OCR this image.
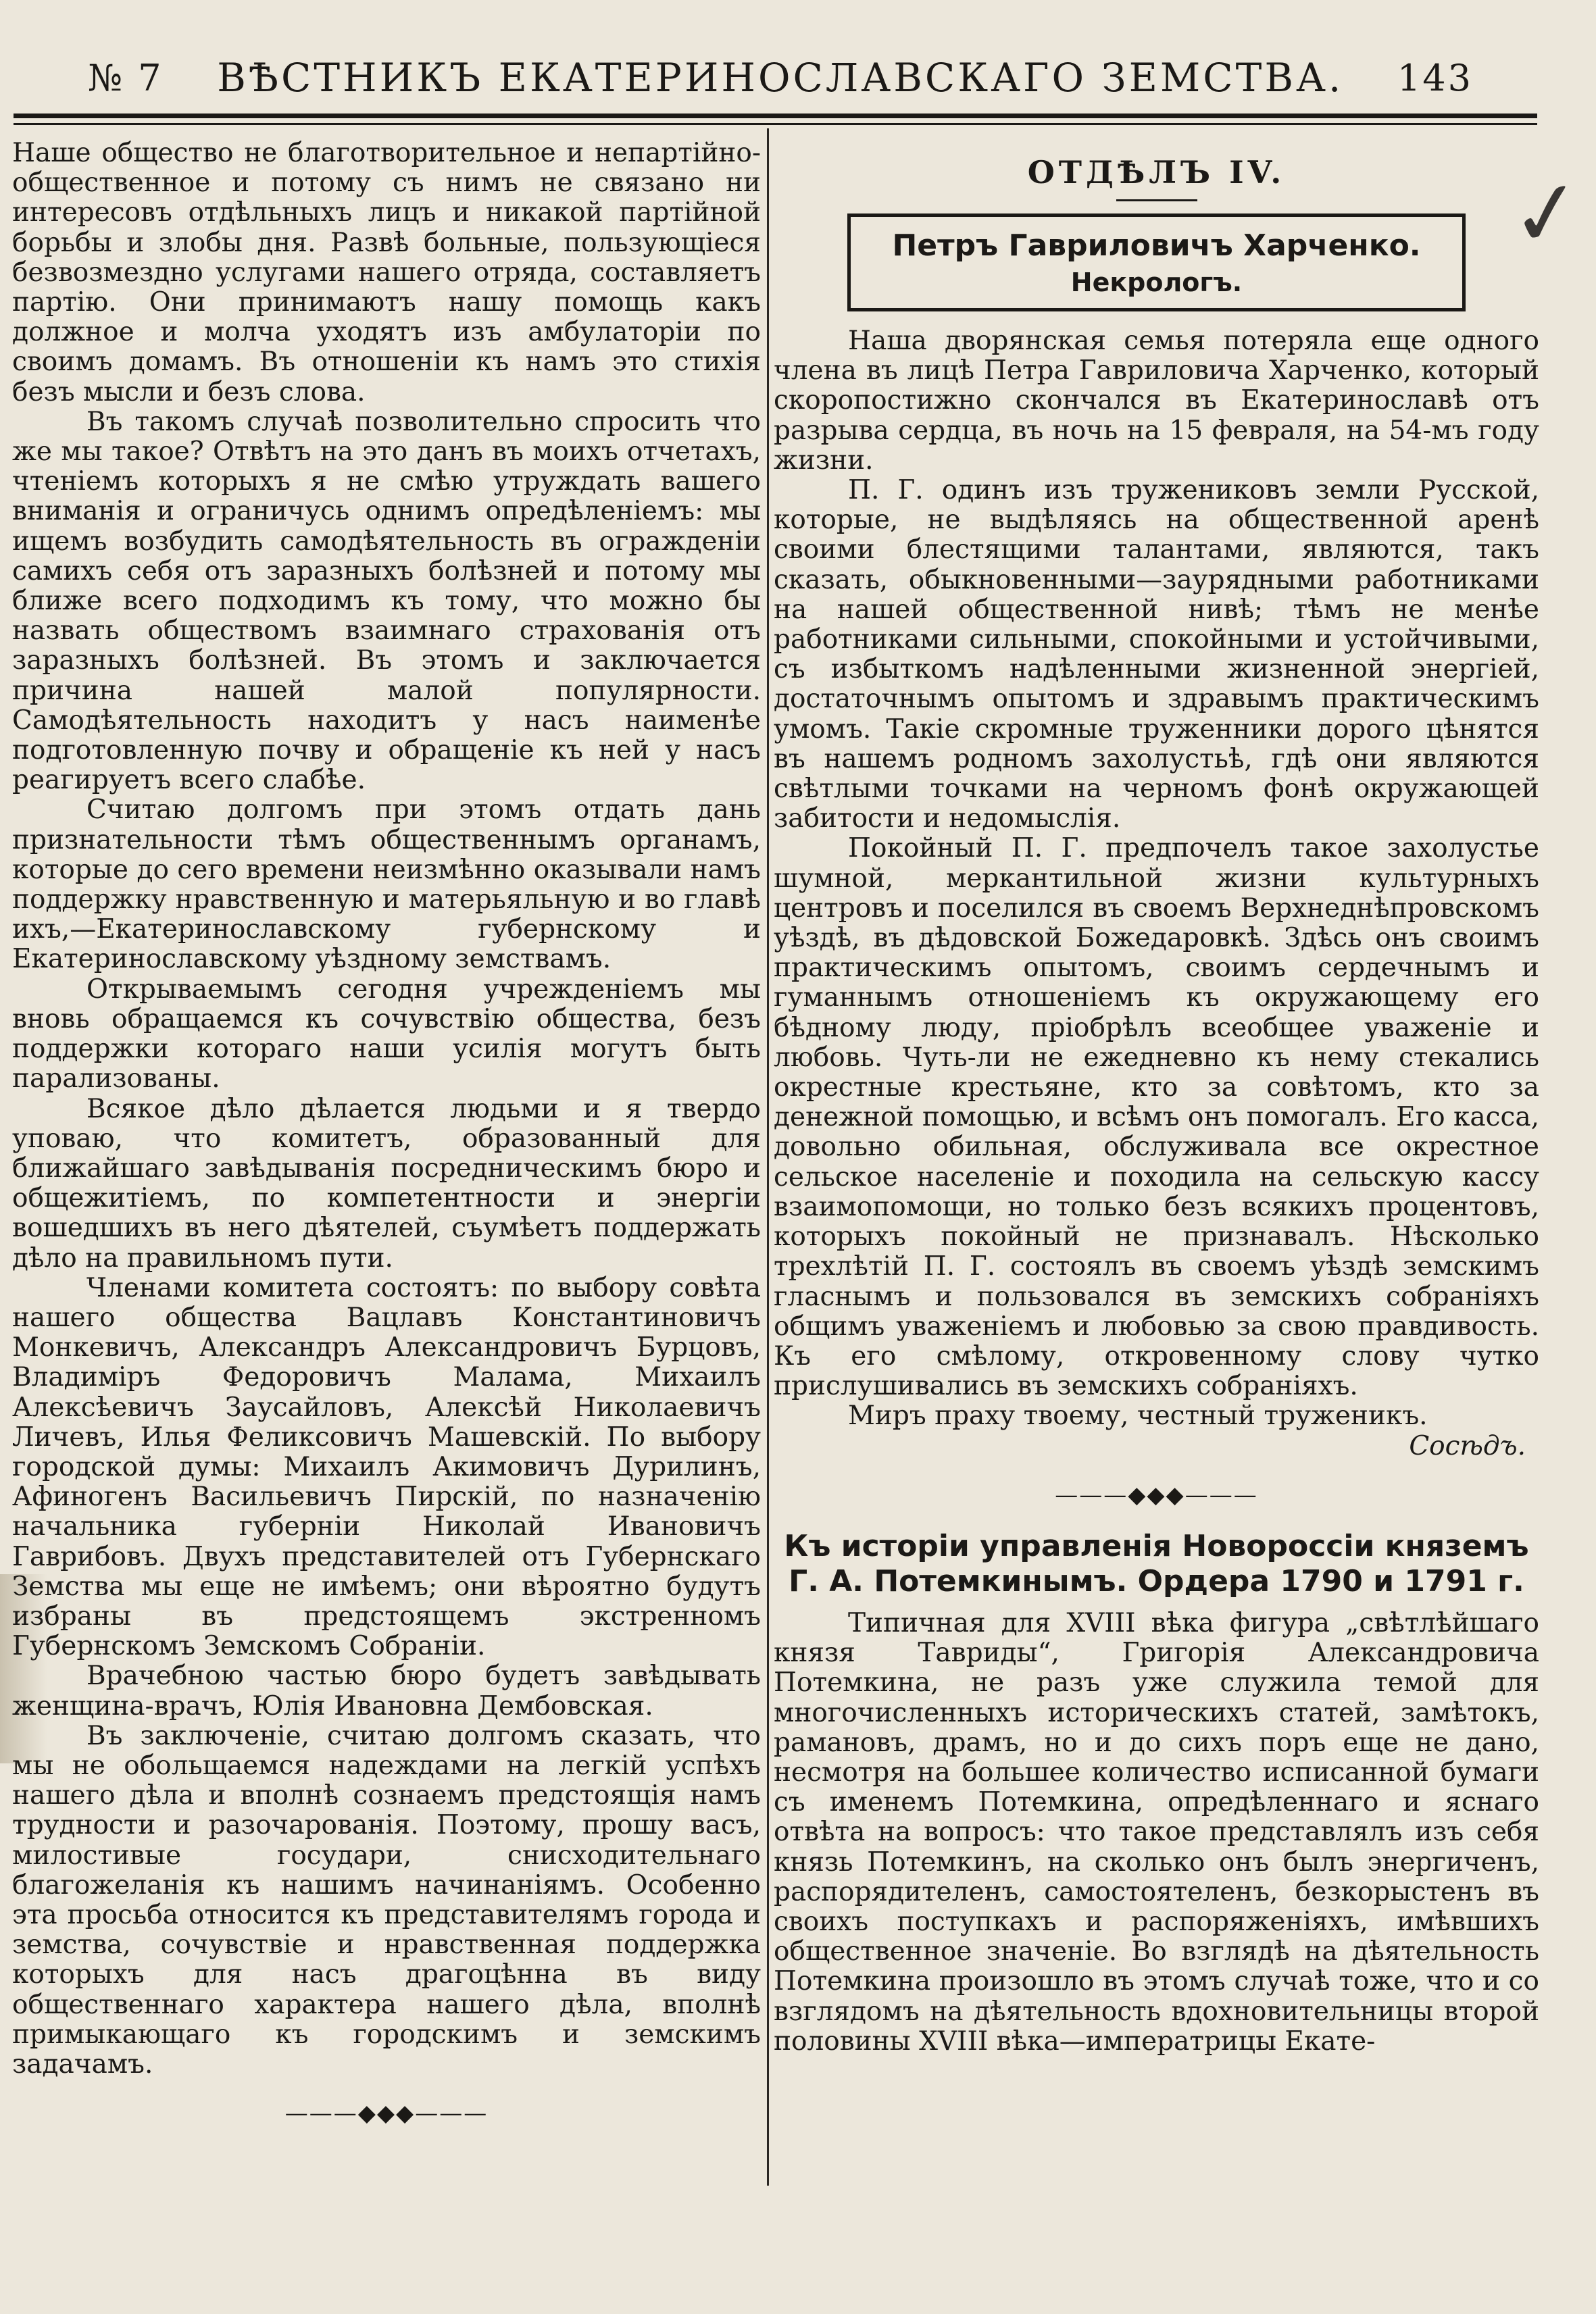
№ 7 ВѢСТНИКЪ ЕКАТЕРИНОСЛАВСКАГО ЗЕМСТВА. 143

Наше общество не благотворительное и непартійно-общественное и потому съ нимъ не связано ни интересовъ отдѣльныхъ лицъ и никакой партійной борьбы и злобы дня. Развѣ больные, пользующіеся безвозмездно услугами нашего отряда, составляетъ партію. Они принимаютъ нашу помощь какъ должное и молча уходятъ изъ амбулаторіи по своимъ домамъ. Въ отношеніи къ намъ это стихія безъ мысли и безъ слова.

Въ такомъ случаѣ позволительно спросить что же мы такое? Отвѣтъ на это данъ въ моихъ отчетахъ, чтеніемъ которыхъ я не смѣю утруждать вашего вниманія и ограничусь однимъ опредѣленіемъ: мы ищемъ возбудить самодѣятельность въ огражденіи самихъ себя отъ заразныхъ болѣзней и потому мы ближе всего подходимъ къ тому, что можно бы назвать обществомъ взаимнаго страхованія отъ заразныхъ болѣзней. Въ этомъ и заключается причина нашей малой популярности. Самодѣятельность находитъ у насъ наименѣе подготовленную почву и обращеніе къ ней у насъ реагируетъ всего слабѣе.

Считаю долгомъ при этомъ отдать дань признательности тѣмъ общественнымъ органамъ, которые до сего времени неизмѣнно оказывали намъ поддержку нравственную и матерьяльную и во главѣ ихъ,—Екатеринославскому губернскому и Екатеринославскому уѣздному земствамъ.

Открываемымъ сегодня учрежденіемъ мы вновь обращаемся къ сочувствію общества, безъ поддержки котораго наши усилія могутъ быть парализованы.

Всякое дѣло дѣлается людьми и я твердо уповаю, что комитетъ, образованный для ближайшаго завѣдыванія посредническимъ бюро и общежитіемъ, по компетентности и энергіи вошедшихъ въ него дѣятелей, съумѣетъ поддержать дѣло на правильномъ пути.

Членами комитета состоятъ: по выбору совѣта нашего общества Вацлавъ Константиновичъ Монкевичъ, Александръ Александровичъ Бурцовъ, Владиміръ Федоровичъ Малама, Михаилъ Алексѣевичъ Заусайловъ, Алексѣй Николаевичъ Личевъ, Илья Феликсовичъ Машевскій. По выбору городской думы: Михаилъ Акимовичъ Дурилинъ, Афиногенъ Васильевичъ Пирскій, по назначенію начальника губерніи Николай Ивановичъ Гаврибовъ. Двухъ представителей отъ Губернскаго Земства мы еще не имѣемъ; они вѣроятно будутъ избраны въ предстоящемъ экстренномъ Губернскомъ Земскомъ Собраніи.

Врачебною частью бюро будетъ завѣдывать женщина-врачъ, Юлія Ивановна Дембовская.

Въ заключеніе, считаю долгомъ сказать, что мы не обольщаемся надеждами на легкій успѣхъ нашего дѣла и вполнѣ сознаемъ предстоящія намъ трудности и разочарованія. Поэтому, прошу васъ, милостивые государи, снисходительнаго благожеланія къ нашимъ начинаніямъ. Особенно эта просьба относится къ представителямъ города и земства, сочувствіе и нравственная поддержка которыхъ для насъ драгоцѣнна въ виду общественнаго характера нашего дѣла, вполнѣ примыкающаго къ городскимъ и земскимъ задачамъ.

———◆◆◆———
ОТДѢЛЪ IV.
Петръ Гавриловичъ Харченко.
Некрологъ.

Наша дворянская семья потеряла еще одного члена въ лицѣ Петра Гавриловича Харченко, который скоропостижно скончался въ Екатеринославѣ отъ разрыва сердца, въ ночь на 15 февраля, на 54-мъ году жизни.

П. Г. одинъ изъ тружениковъ земли Русской, которые, не выдѣляясь на общественной аренѣ своими блестящими талантами, являются, такъ сказать, обыкновенными—заурядными работниками на нашей общественной нивѣ; тѣмъ не менѣе работниками сильными, спокойными и устойчивыми, съ избыткомъ надѣленными жизненной энергіей, достаточнымъ опытомъ и здравымъ практическимъ умомъ. Такіе скромные труженники дорого цѣнятся въ нашемъ родномъ захолустьѣ, гдѣ они являются свѣтлыми точками на черномъ фонѣ окружающей забитости и недомыслія.

Покойный П. Г. предпочелъ такое захолустье шумной, меркантильной жизни культурныхъ центровъ и поселился въ своемъ Верхнеднѣпровскомъ уѣздѣ, въ дѣдовской Божедаровкѣ. Здѣсь онъ своимъ практическимъ опытомъ, своимъ сердечнымъ и гуманнымъ отношеніемъ къ окружающему его бѣдному люду, пріобрѣлъ всеобщее уваженіе и любовь. Чуть-ли не ежедневно къ нему стекались окрестные крестьяне, кто за совѣтомъ, кто за денежной помощью, и всѣмъ онъ помогалъ. Его касса, довольно обильная, обслуживала все окрестное сельское населеніе и походила на сельскую кассу взаимопомощи, но только безъ всякихъ процентовъ, которыхъ покойный не признавалъ. Нѣсколько трехлѣтій П. Г. состоялъ въ своемъ уѣздѣ земскимъ гласнымъ и пользовался въ земскихъ собраніяхъ общимъ уваженіемъ и любовью за свою правдивость. Къ его смѣлому, откровенному слову чутко прислушивались въ земскихъ собраніяхъ.

Миръ праху твоему, честный труженикъ.

Сосѣдъ.

———◆◆◆———
Къ исторіи управленія Новороссіи княземъ Г. А. Потемкинымъ. Ордера 1790 и 1791 г.

Типичная для XVIII вѣка фигура „свѣтлѣйшаго князя Тавриды“, Григорія Александровича Потемкина, не разъ уже служила темой для многочисленныхъ историческихъ статей, замѣтокъ, рамановъ, драмъ, но и до сихъ поръ еще не дано, несмотря на большее количество исписанной бумаги съ именемъ Потемкина, опредѣленнаго и яснаго отвѣта на вопросъ: что такое представлялъ изъ себя князь Потемкинъ, на сколько онъ былъ энергиченъ, распорядителенъ, самостоятеленъ, безкорыстенъ въ своихъ поступкахъ и распоряженіяхъ, имѣвшихъ общественное значеніе. Во взглядѣ на дѣятельность Потемкина произошло въ этомъ случаѣ тоже, что и со взглядомъ на дѣятельность вдохновительницы второй половины XVIII вѣка—императрицы Екате-

✓
